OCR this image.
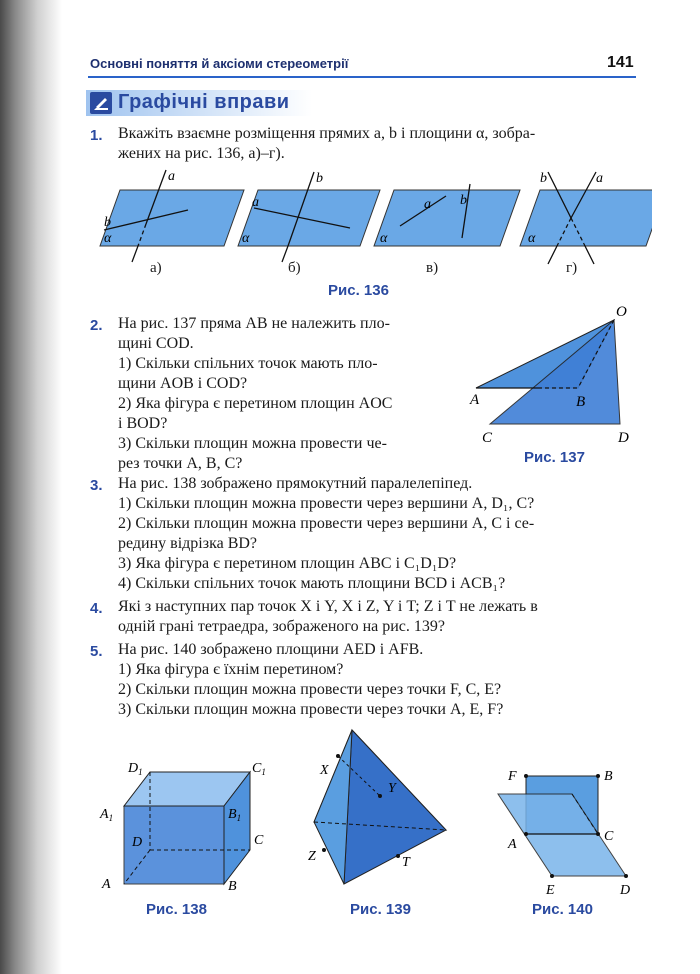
Основні поняття й аксіоми стереометрії	141
Графічні вправи
1. Вкажіть взаємне розміщення прямих a, b і площини α, зобра-
жених на рис. 136, а)–г).
a
b
α
b
a
α
a b
α
b	a
α
а)	б)	в)	г)
Рис. 136
2. На рис. 137 пряма AB не належить пло-
щині COD.
1) Скільки спільних точок мають пло-
щини AOB і COD?
2) Яка фігура є перетином площин AOC
і BOD?
3) Скільки площин можна провести че-
рез точки A, B, C?
O
A	B
C	D
Рис. 137
3. На рис. 138 зображено прямокутний паралелепіпед.
1) Скільки площин можна провести через вершини A, D₁, C?
2) Скільки площин можна провести через вершини A, C і се-
редину відрізка BD?
3) Яка фігура є перетином площин ABC і C₁D₁D?
4) Скільки спільних точок мають площини BCD і ACB₁?
4. Які з наступних пар точок X і Y, X і Z, Y і T; Z і T не лежать в
одній грані тетраедра, зображеного на рис. 139?
5. На рис. 140 зображено площини AED і AFB.
1) Яка фігура є їхнім перетином?
2) Скільки площин можна провести через точки F, C, E?
3) Скільки площин можна провести через точки A, E, F?
$D_1$	$C_1$
$A_1$	$B_1$
D	C
A	B
Рис. 138
X
Y
Z	T
Рис. 139
F	B
A
C
E	D
Рис. 140
